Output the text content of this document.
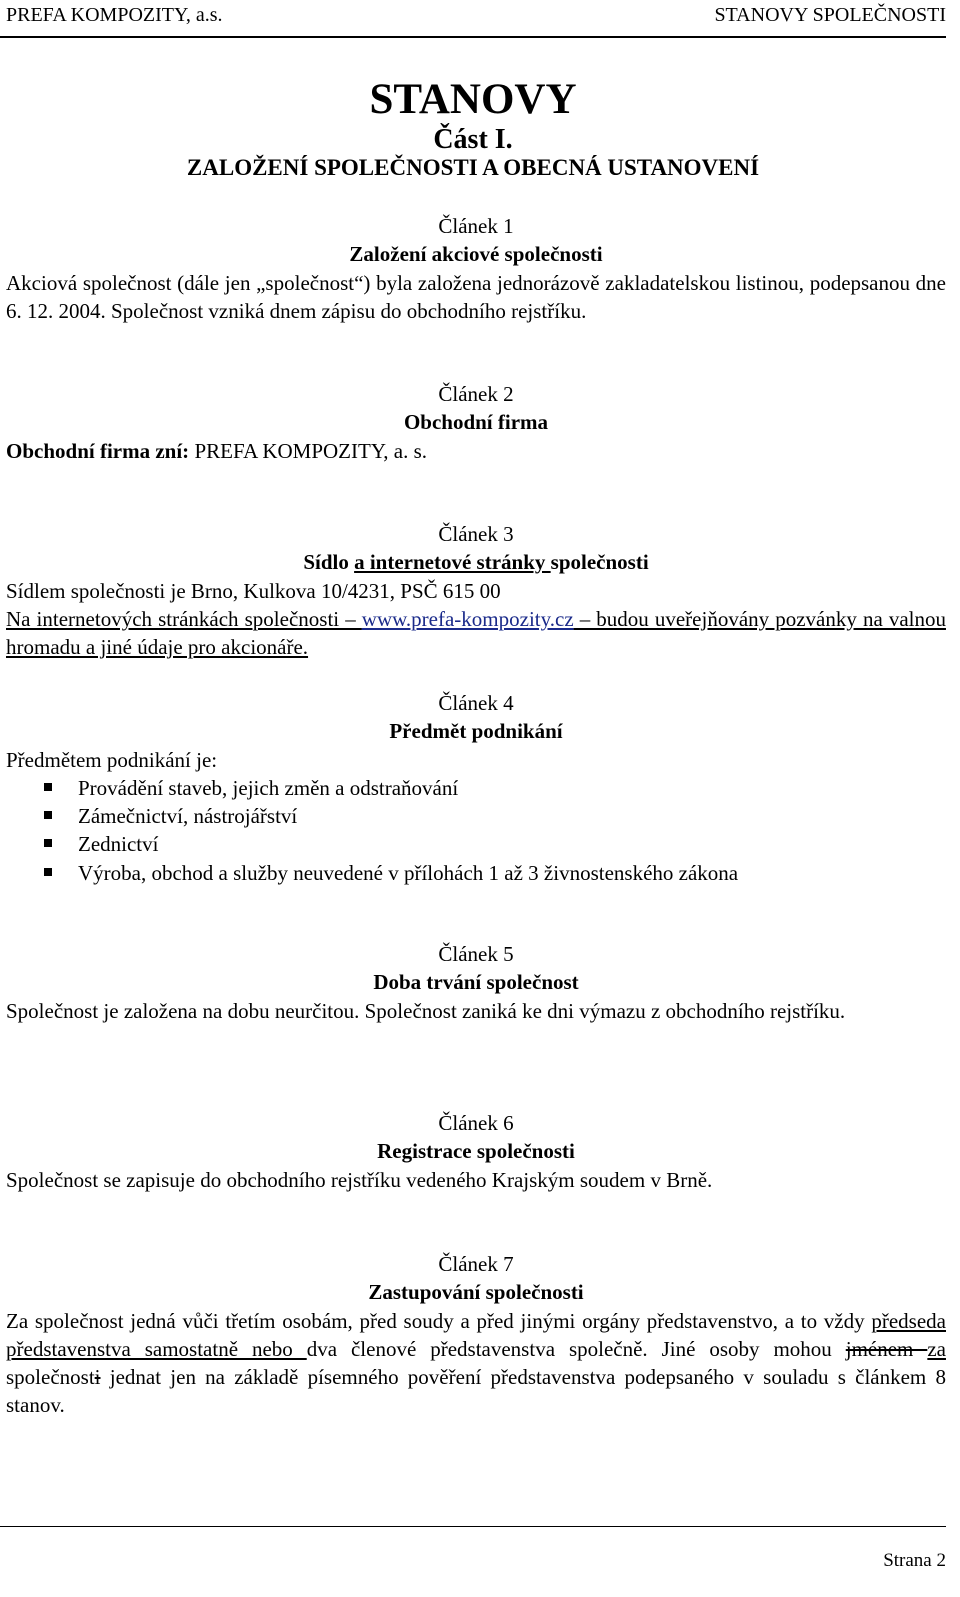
PREFA KOMPOZITY, a.s.	STANOVY SPOLEČNOSTI
STANOVY
Část I.
ZALOŽENÍ SPOLEČNOSTI A OBECNÁ USTANOVENÍ
Článek 1
Založení akciové společnosti
Akciová společnost (dále jen „společnost“) byla založena jednorázově zakladatelskou listinou, podepsanou dne 6. 12. 2004. Společnost vzniká dnem zápisu do obchodního rejstříku.
Článek 2
Obchodní firma
Obchodní firma zní: PREFA KOMPOZITY, a. s.
Článek 3
Sídlo a internetové stránky společnosti
Sídlem společnosti je Brno, Kulkova 10/4231, PSČ 615 00
Na internetových stránkách společnosti – www.prefa-kompozity.cz – budou uveřejňovány pozvánky na valnou hromadu a jiné údaje pro akcionáře.
Článek 4
Předmět podnikání
Předmětem podnikání je:
Provádění staveb, jejich změn a odstraňování
Zámečnictví, nástrojářství
Zednictví
Výroba, obchod a služby neuvedené v přílohách 1 až 3 živnostenského zákona
Článek 5
Doba trvání společnost
Společnost je založena na dobu neurčitou. Společnost zaniká ke dni výmazu z obchodního rejstříku.
Článek 6
Registrace společnosti
Společnost se zapisuje do obchodního rejstříku vedeného Krajským soudem v Brně.
Článek 7
Zastupování společnosti
Za společnost jedná vůči třetím osobám, před soudy a před jinými orgány představenstvo, a to vždy předseda představenstva samostatně nebo dva členové představenstva společně. Jiné osoby mohou jménem za společnosti jednat jen na základě písemného pověření představenstva podepsaného v souladu s článkem 8 stanov.
Strana 2
